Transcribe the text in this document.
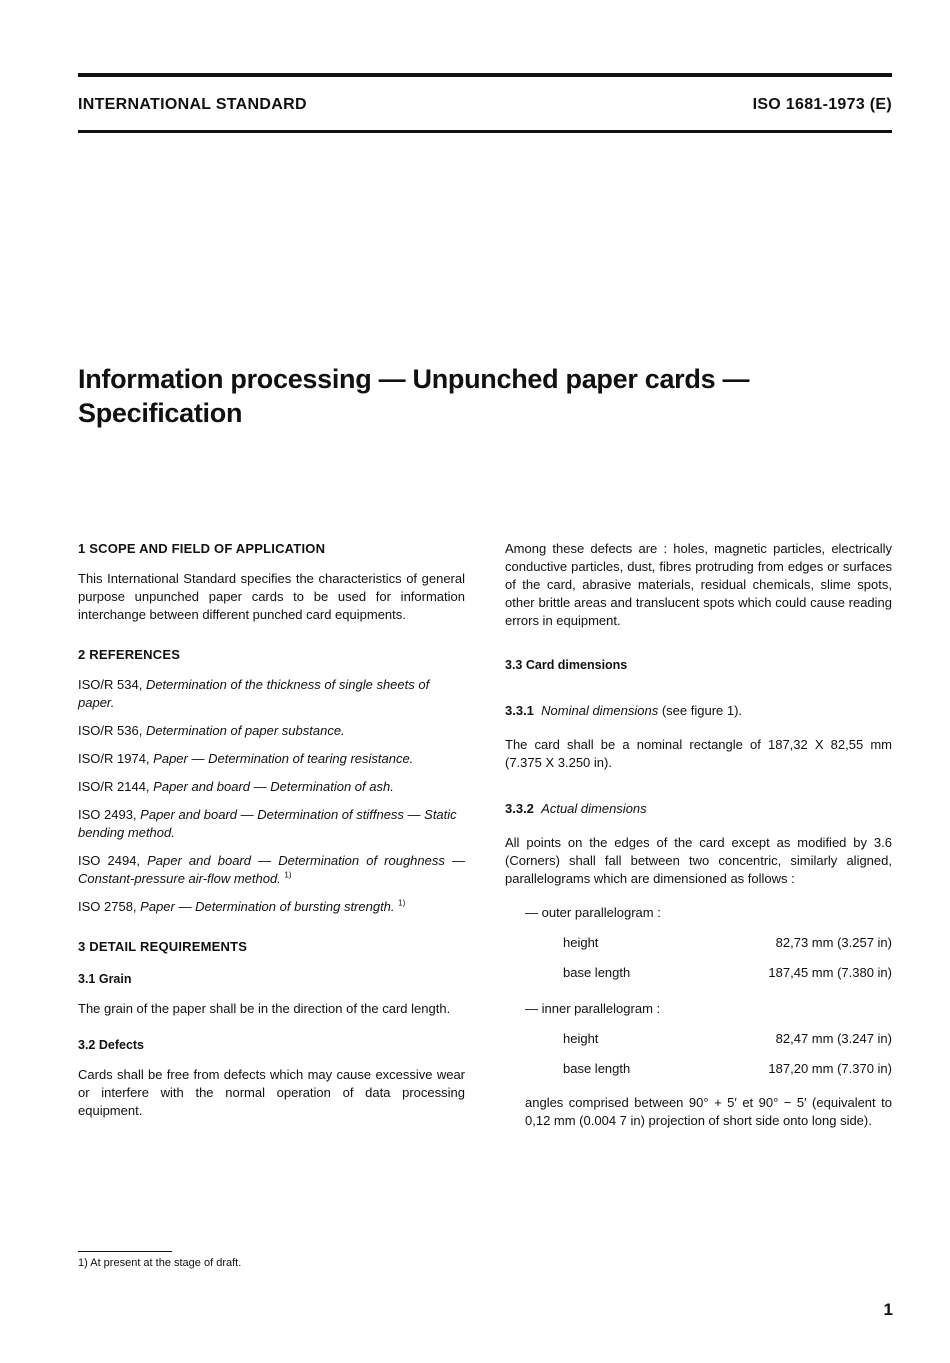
INTERNATIONAL STANDARD	ISO 1681-1973 (E)
Information processing — Unpunched paper cards —
Specification

1 SCOPE AND FIELD OF APPLICATION

This International Standard specifies the characteristics of general purpose unpunched paper cards to be used for information interchange between different punched card equipments.

2 REFERENCES

ISO/R 534, Determination of the thickness of single sheets of paper.

ISO/R 536, Determination of paper substance.

ISO/R 1974, Paper — Determination of tearing resistance.

ISO/R 2144, Paper and board — Determination of ash.

ISO 2493, Paper and board — Determination of stiffness — Static bending method.

ISO 2494, Paper and board — Determination of roughness — Constant-pressure air-flow method. $^{1)}$

ISO 2758, Paper — Determination of bursting strength. $^{1)}$

3 DETAIL REQUIREMENTS

3.1 Grain

The grain of the paper shall be in the direction of the card length.

3.2 Defects

Cards shall be free from defects which may cause excessive wear or interfere with the normal operation of data processing equipment.

Among these defects are : holes, magnetic particles, electrically conductive particles, dust, fibres protruding from edges or surfaces of the card, abrasive materials, residual chemicals, slime spots, other brittle areas and translucent spots which could cause reading errors in equipment.

3.3 Card dimensions

3.3.1 Nominal dimensions (see figure 1).

The card shall be a nominal rectangle of 187,32 X 82,55 mm (7.375 X 3.250 in).

3.3.2 Actual dimensions

All points on the edges of the card except as modified by 3.6 (Corners) shall fall between two concentric, similarly aligned, parallelograms which are dimensioned as follows :

— outer parallelogram :

height	82,73 mm (3.257 in)
base length	187,45 mm (7.380 in)

— inner parallelogram :

height	82,47 mm (3.247 in)
base length	187,20 mm (7.370 in)

angles comprised between 90° + 5′ et 90° − 5′ (equivalent to 0,12 mm (0.004 7 in) projection of short side onto long side).

1) At present at the stage of draft.
1
